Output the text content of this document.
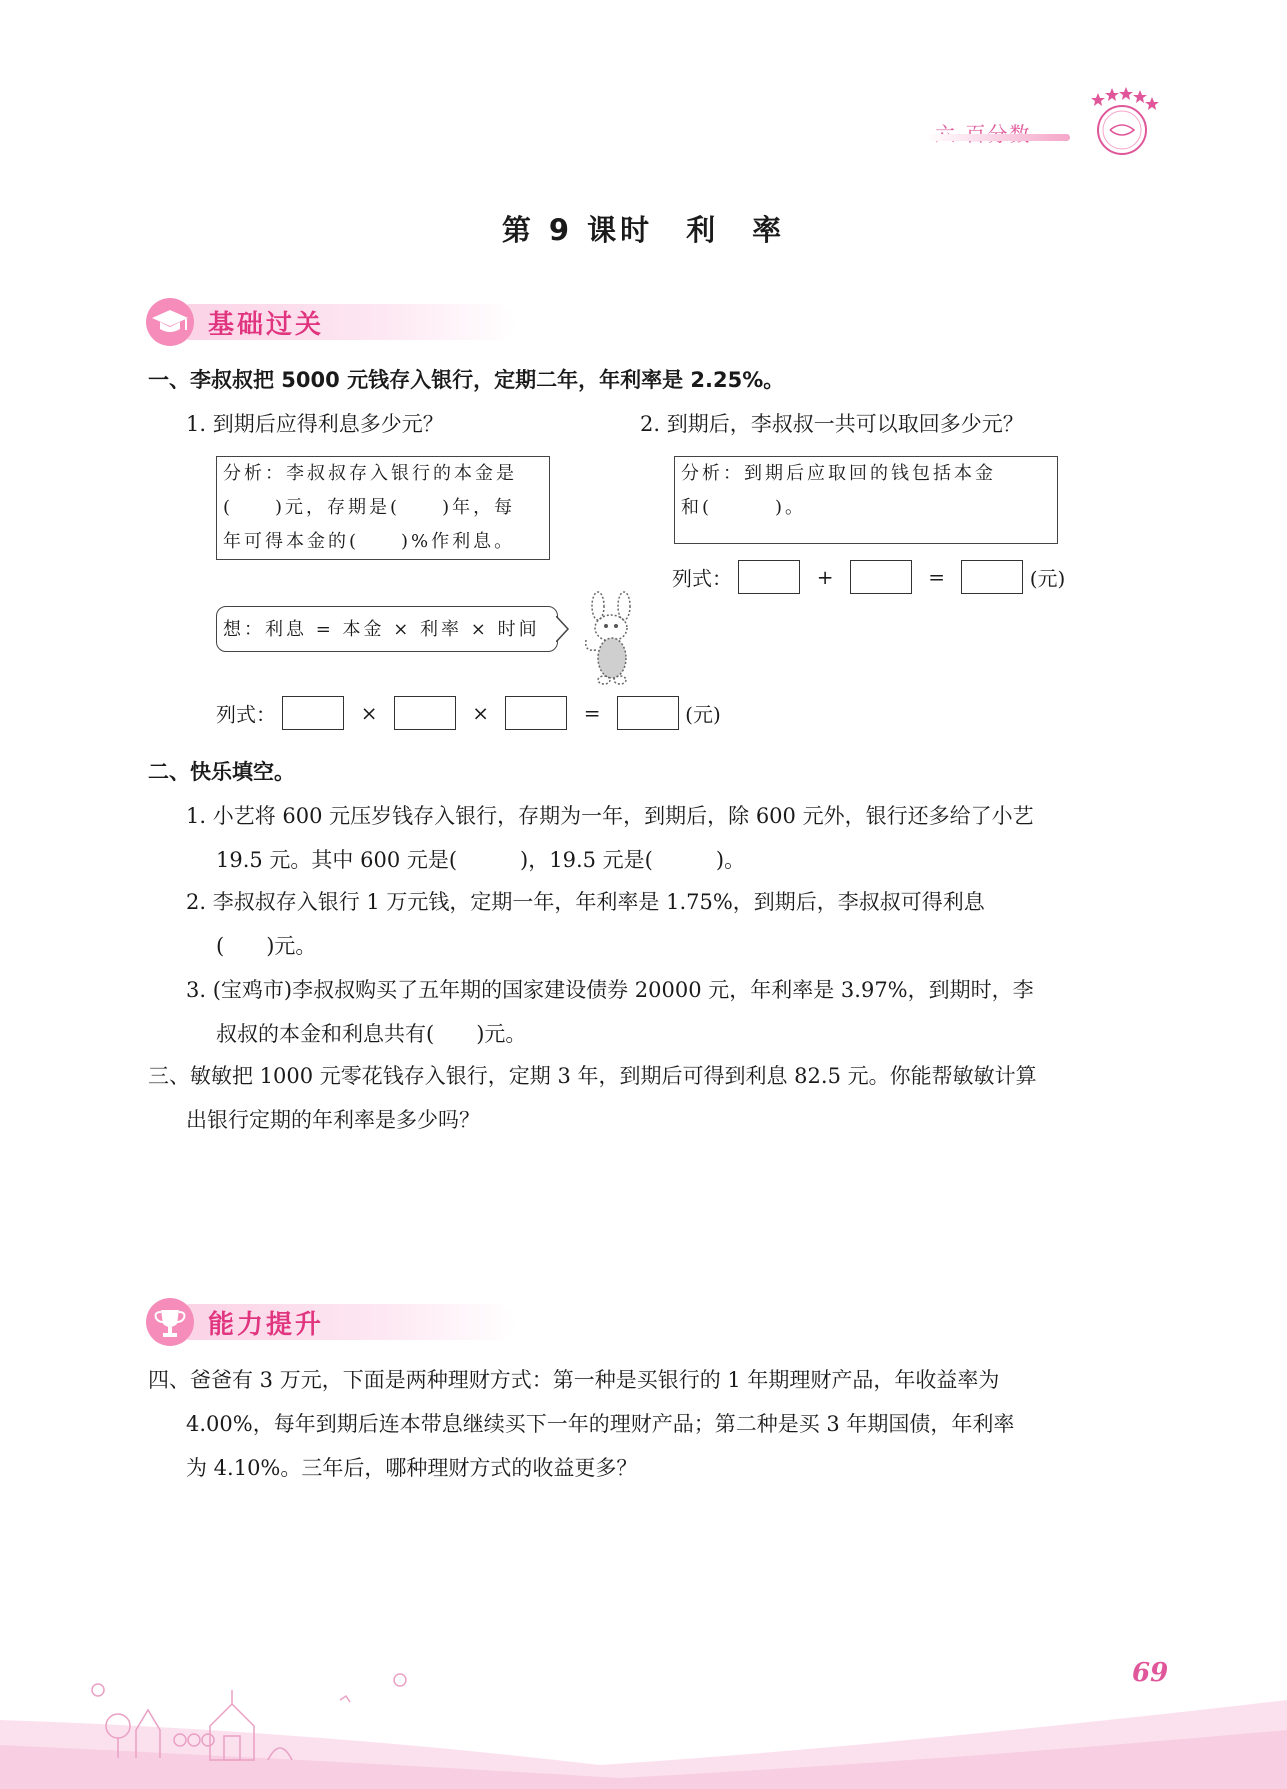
第 9 课时　利　率
基础过关
一、李叔叔把 5000 元钱存入银行，定期二年，年利率是 2.25%。
1. 到期后应得利息多少元？	2. 到期后，李叔叔一共可以取回多少元？
分析：李叔叔存入银行的本金是
(　　)元，存期是(　　)年，每
年可得本金的(　　)%作利息。
分析：到期后应取回的钱包括本金
和(　　　)。
列式：	+	=	(元)
想：利息 = 本金 × 利率 × 时间
列式：	×	×	=	(元)
二、快乐填空。
1. 小艺将 600 元压岁钱存入银行，存期为一年，到期后，除 600 元外，银行还多给了小艺
19.5 元。其中 600 元是(　　　)，19.5 元是(　　　)。
2. 李叔叔存入银行 1 万元钱，定期一年，年利率是 1.75%，到期后，李叔叔可得利息
(　　)元。
3. (宝鸡市)李叔叔购买了五年期的国家建设债券 20000 元，年利率是 3.97%，到期时，李
叔叔的本金和利息共有(　　)元。
三、敏敏把 1000 元零花钱存入银行，定期 3 年，到期后可得到利息 82.5 元。你能帮敏敏计算
出银行定期的年利率是多少吗？
能力提升
四、爸爸有 3 万元，下面是两种理财方式：第一种是买银行的 1 年期理财产品，年收益率为
4.00%，每年到期后连本带息继续买下一年的理财产品；第二种是买 3 年期国债，年利率
为 4.10%。三年后，哪种理财方式的收益更多？
69
